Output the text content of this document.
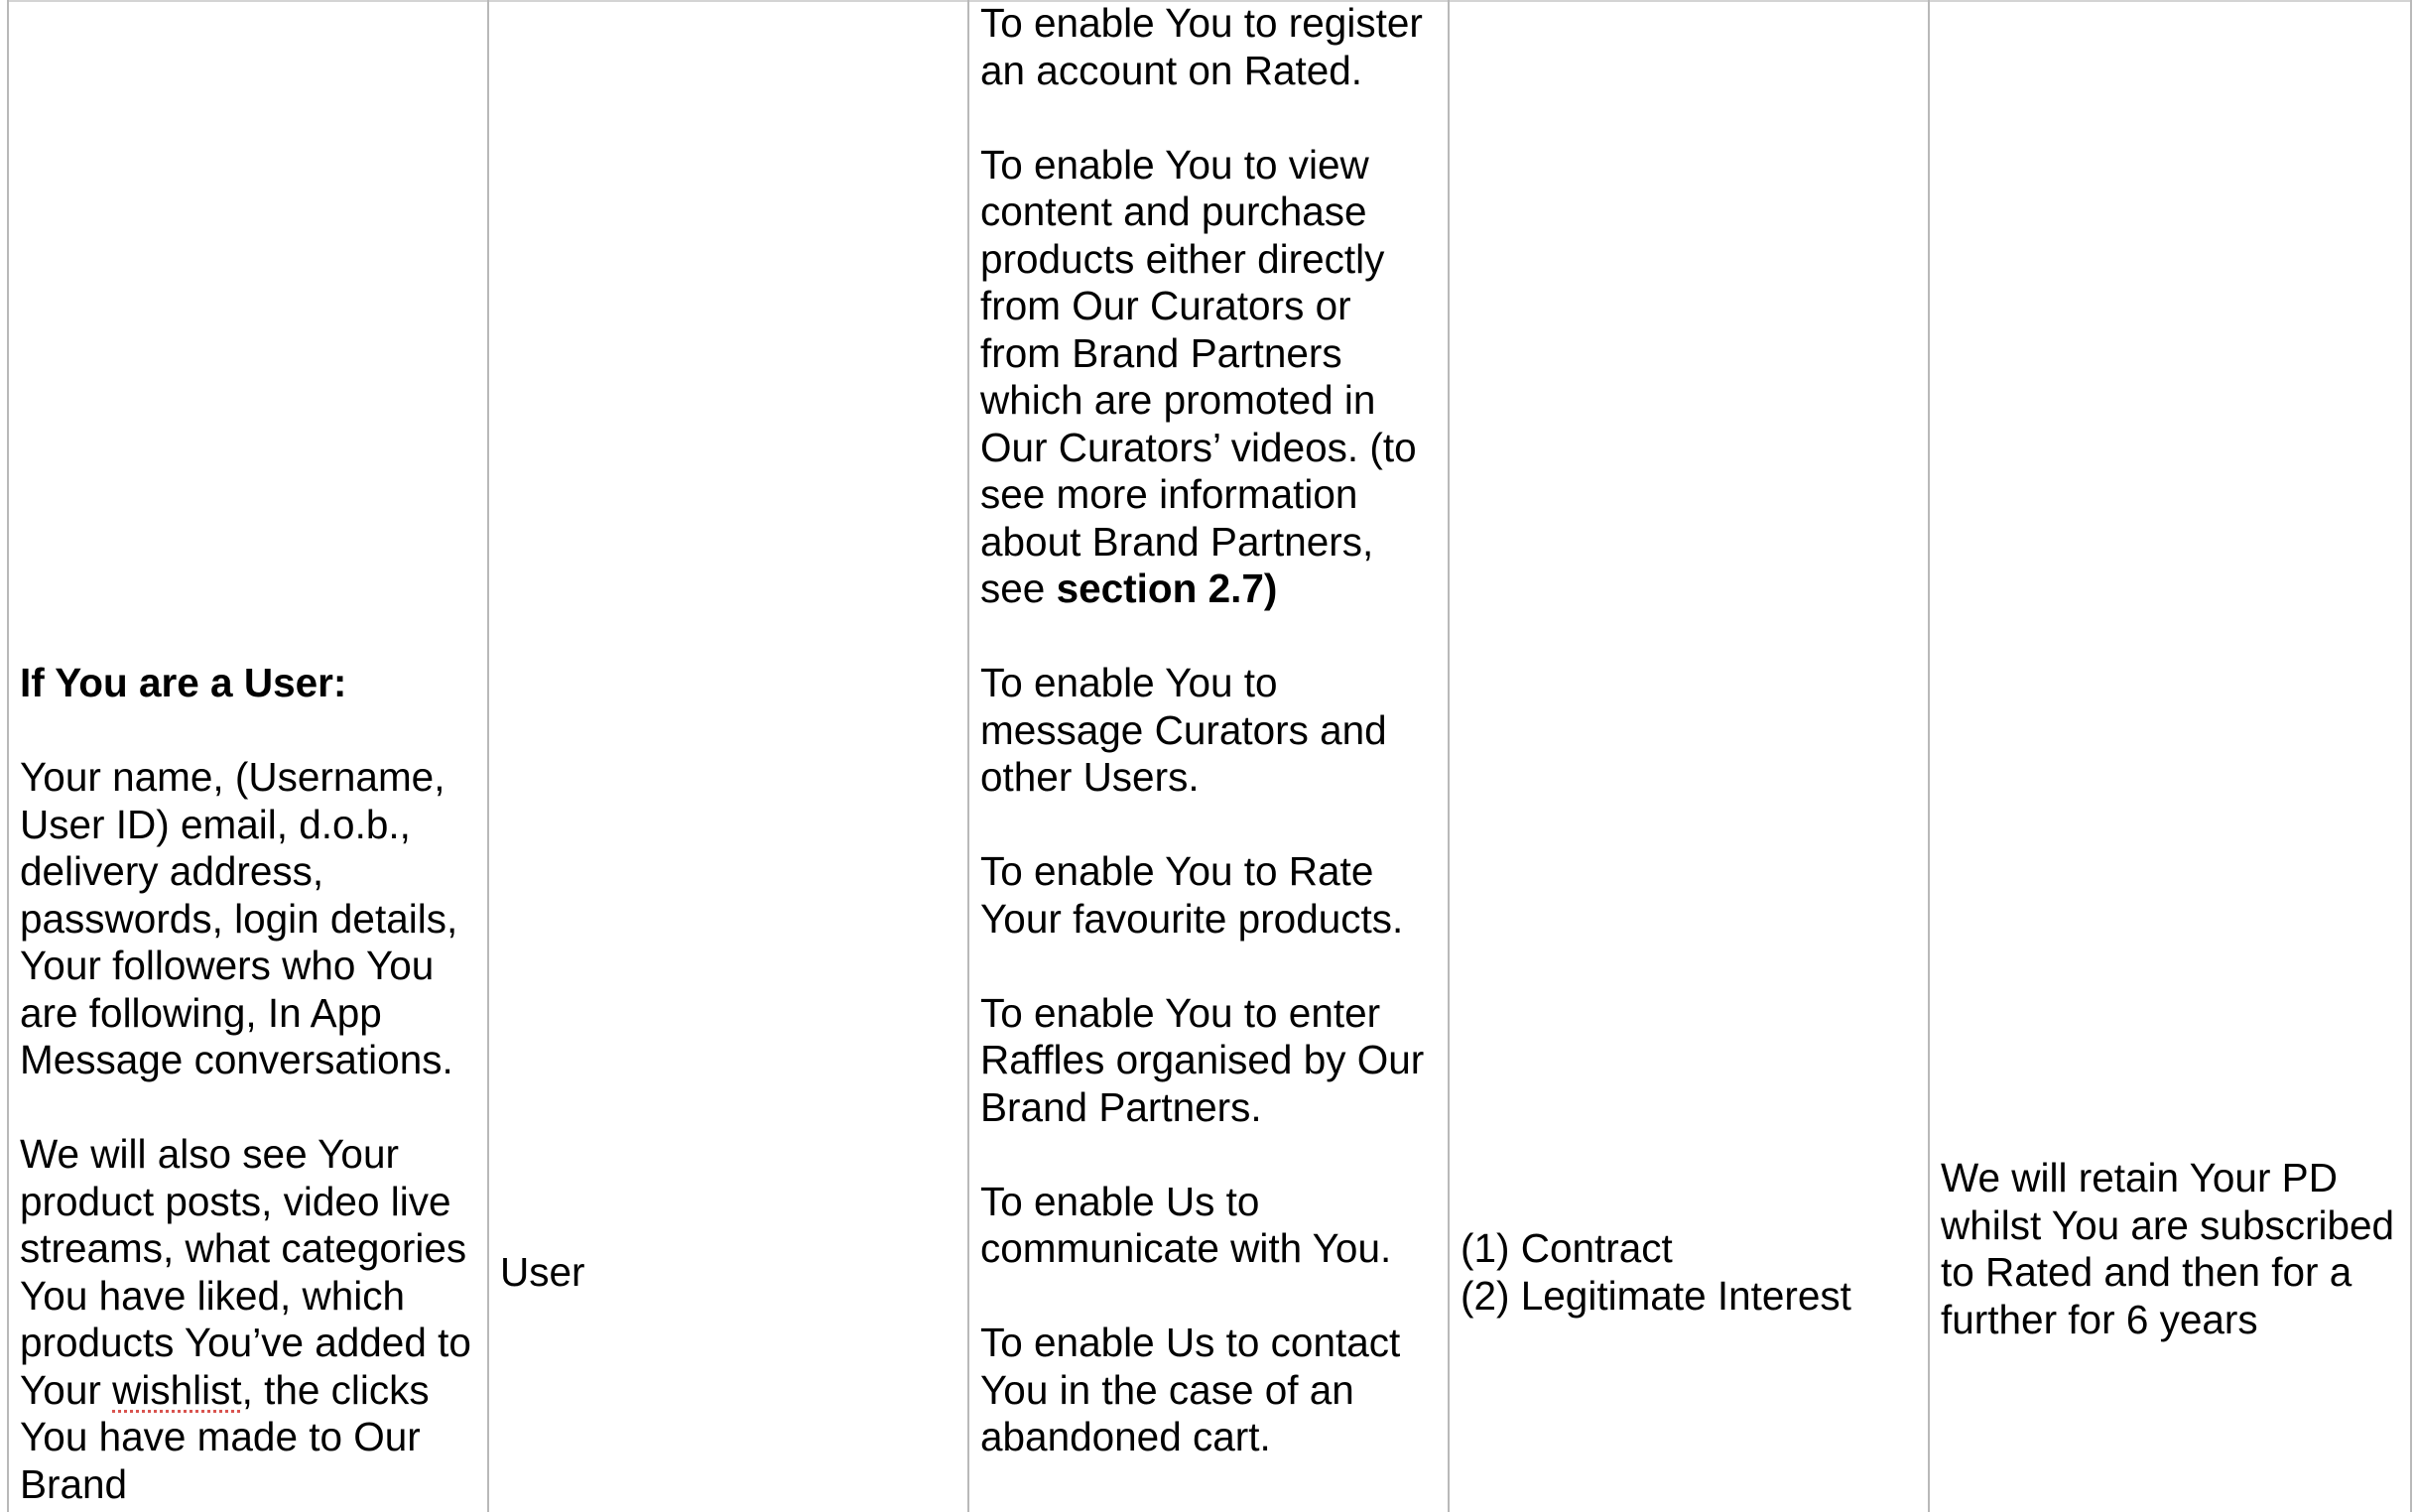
If You are a User:

Your name, (Username, User ID) email, d.o.b., delivery address, passwords, login details, Your followers who You are following, In App Message conversations.

We will also see Your product posts, video live streams, what categories You have liked, which products You’ve added to Your wishlist, the clicks You have made to Our Brand

User

To enable You to register an account on Rated.

To enable You to view content and purchase products either directly from Our Curators or from Brand Partners which are promoted in Our Curators’ videos. (to see more information about Brand Partners, see section 2.7)

To enable You to message Curators and other Users.

To enable You to Rate Your favourite products.

To enable You to enter Raffles organised by Our Brand Partners.

To enable Us to communicate with You.

To enable Us to contact You in the case of an abandoned cart.

(1) Contract
(2) Legitimate Interest

We will retain Your PD whilst You are subscribed to Rated and then for a further for 6 years
